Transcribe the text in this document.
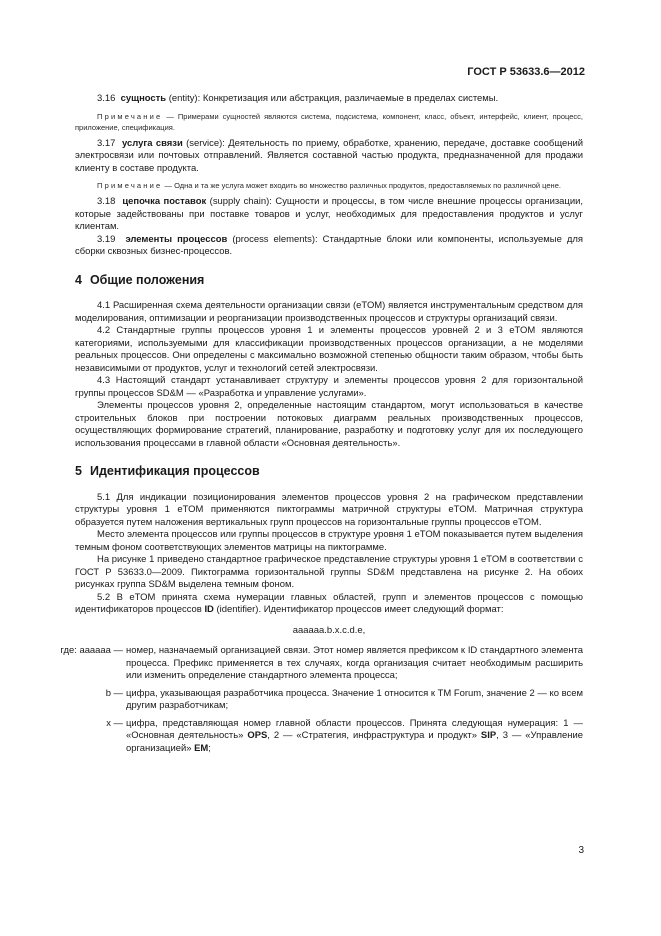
ГОСТ Р 53633.6—2012

3.16 сущность (entity): Конкретизация или абстракция, различаемые в пределах системы.

Примечание — Примерами сущностей являются система, подсистема, компонент, класс, объект, интерфейс, клиент, процесс, приложение, спецификация.

3.17 услуга связи (service): Деятельность по приему, обработке, хранению, передаче, доставке сообщений электросвязи или почтовых отправлений. Является составной частью продукта, предназначенной для продажи клиенту в составе продукта.

Примечание — Одна и та же услуга может входить во множество различных продуктов, предоставляемых по различной цене.

3.18 цепочка поставок (supply chain): Сущности и процессы, в том числе внешние процессы организации, которые задействованы при поставке товаров и услуг, необходимых для предоставления продуктов и услуг клиентам.

3.19 элементы процессов (process elements): Стандартные блоки или компоненты, используемые для сборки сквозных бизнес-процессов.

4 Общие положения

4.1 Расширенная схема деятельности организации связи (eTOM) является инструментальным средством для моделирования, оптимизации и реорганизации производственных процессов и структуры организаций связи.

4.2 Стандартные группы процессов уровня 1 и элементы процессов уровней 2 и 3 eTOM являются категориями, используемыми для классификации производственных процессов организации, а не моделями реальных процессов. Они определены с максимально возможной степенью общности таким образом, чтобы быть независимыми от продуктов, услуг и технологий сетей электросвязи.

4.3 Настоящий стандарт устанавливает структуру и элементы процессов уровня 2 для горизонтальной группы процессов SD&M — «Разработка и управление услугами».

Элементы процессов уровня 2, определенные настоящим стандартом, могут использоваться в качестве строительных блоков при построении потоковых диаграмм реальных производственных процессов, осуществляющих формирование стратегий, планирование, разработку и подготовку услуг для их последующего использования процессами в главной области «Основная деятельность».

5 Идентификация процессов

5.1 Для индикации позиционирования элементов процессов уровня 2 на графическом представлении структуры уровня 1 eTOM применяются пиктограммы матричной структуры eTOM. Матричная структура образуется путем наложения вертикальных групп процессов на горизонтальные группы процессов eTOM.

Место элемента процессов или группы процессов в структуре уровня 1 eTOM показывается путем выделения темным фоном соответствующих элементов матрицы на пиктограмме.

На рисунке 1 приведено стандартное графическое представление структуры уровня 1 eTOM в соответствии с ГОСТ Р 53633.0—2009. Пиктограмма горизонтальной группы SD&M представлена на рисунке 2. На обоих рисунках группа SD&M выделена темным фоном.

5.2 В eTOM принята схема нумерации главных областей, групп и элементов процессов с помощью идентификаторов процессов ID (identifier). Идентификатор процессов имеет следующий формат:

аааааа.b.x.c.d.e,

где: аааааа — номер, назначаемый организацией связи. Этот номер является префиксом к ID стандартного элемента процесса. Префикс применяется в тех случаях, когда организация считает необходимым расширить или изменить определение стандартного элемента процесса;
b — цифра, указывающая разработчика процесса. Значение 1 относится к TM Forum, значение 2 — ко всем другим разработчикам;
x — цифра, представляющая номер главной области процессов. Принята следующая нумерация: 1 — «Основная деятельность» OPS, 2 — «Стратегия, инфраструктура и продукт» SIP, 3 — «Управление организацией» EM;
3
